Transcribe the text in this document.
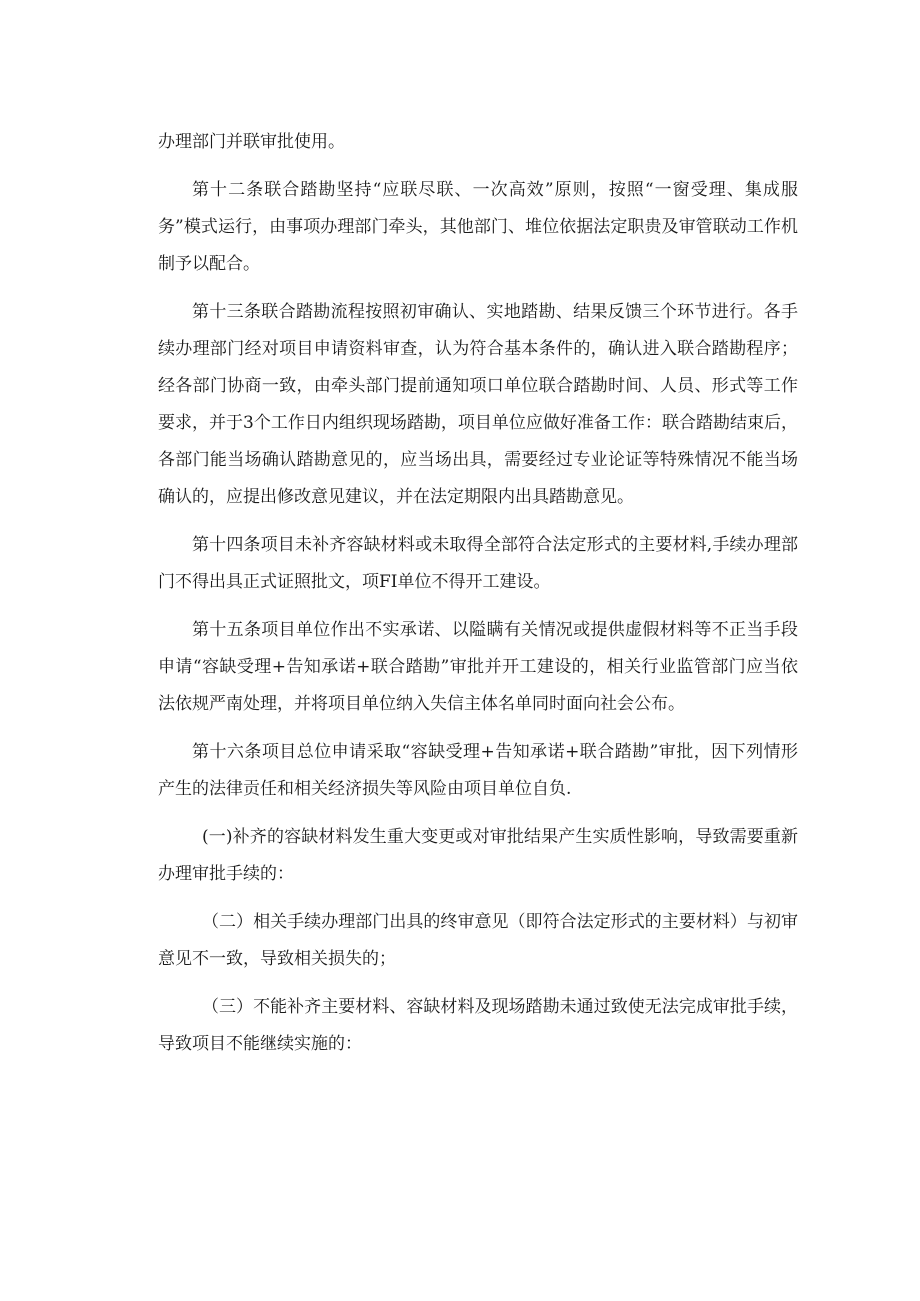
办理部门并联审批使用。

第十二条联合踏勘坚持“应联尽联、一次高效”原则，按照“一窗受理、集成服务”模式运行，由事项办理部门牵头，其他部门、堆位依据法定职贵及审管联动工作机制予以配合。

第十三条联合踏勘流程按照初审确认、实地踏勘、结果反馈三个环节进行。各手续办理部门经对项目申请资料审查，认为符合基本条件的，确认进入联合踏勘程序；经各部门协商一致，由牵头部门提前通知项口单位联合踏勘时间、人员、形式等工作要求，并于3个工作日内组织现场踏勘，项目单位应做好准备工作：联合踏勘结束后，各部门能当场确认踏勘意见的，应当场出具，需要经过专业论证等特殊情况不能当场确认的，应提出修改意见建议，并在法定期限内出具踏勘意见。

第十四条项目未补齐容缺材料或未取得全部符合法定形式的主要材料,手续办理部门不得出具正式证照批文，项FI单位不得开工建设。

第十五条项目单位作出不实承诺、以隘瞒有关情况或提供虚假材料等不正当手段申请“容缺受理+告知承诺+联合踏勘”审批并开工建设的，相关行业监管部门应当依法依规严南处理，并将项目单位纳入失信主体名单同时面向社会公布。

第十六条项目总位申请采取“容缺受理+告知承诺+联合踏勘”审批，因下列情形产生的法律贡任和相关经济损失等风险由项目单位自负.

(一)补齐的容缺材料发生重大变更或对审批结果产生实质性影响，导致需要重新办理审批手续的：

（二）相关手续办理部门出具的终审意见（即符合法定形式的主要材料）与初审意见不一致，导致相关损失的；

（三）不能补齐主要材料、容缺材料及现场踏勘未通过致使无法完成审批手续，导致项目不能继续实施的：
